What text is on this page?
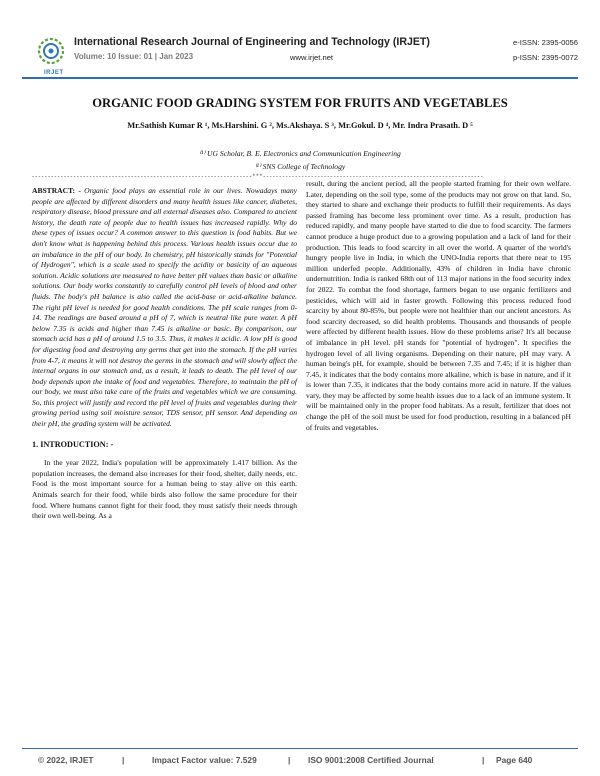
IRJET
International Research Journal of Engineering and Technology (IRJET)
Volume: 10 Issue: 01 | Jan 2023	www.irjet.net
e-ISSN: 2395-0056
p-ISSN: 2395-0072
ORGANIC FOOD GRADING SYSTEM FOR FRUITS AND VEGETABLES
Mr.Sathish Kumar R ¹, Ms.Harshini. G ², Ms.Akshaya. S ³, Mr.Gokul. D ⁴, Mr. Indra Prasath. D ⁵
⁽¹⁾ UG Scholar, B. E. Electronics and Communication Engineering
⁽¹⁾ SNS College of Technology
---------------------------------------------------------------------***---------------------------------------------------------------------

ABSTRACT: - Organic food plays an essential role in our lives. Nowadays many people are affected by different disorders and many health issues like cancer, diabetes, respiratory disease, blood pressure and all external diseases also. Compared to ancient history, the death rate of people due to health issues has increased rapidly. Why do these types of issues occur? A common answer to this question is food habits. But we don't know what is happening behind this process. Various health issues occur due to an imbalance in the pH of our body. In chemistry, pH historically stands for "Potential of Hydrogen", which is a scale used to specify the acidity or basicity of an aqueous solution. Acidic solutions are measured to have better pH values than basic or alkaline solutions. Our body works constantly to carefully control pH levels of blood and other fluids. The body's pH balance is also called the acid-base or acid-alkaline balance. The right pH level is needed for good health conditions. The pH scale ranges from 0-14. The readings are based around a pH of 7, which is neutral like pure water. A pH below 7.35 is acids and higher than 7.45 is alkaline or basic. By comparison, our stomach acid has a pH of around 1.5 to 3.5. Thus, it makes it acidic. A low pH is good for digesting food and destroying any germs that get into the stomach. If the pH varies from 4-7, it means it will not destroy the germs in the stomach and will slowly affect the internal organs in our stomach and, as a result, it leads to death. The pH level of our body depends upon the intake of food and vegetables. Therefore, to maintain the pH of our body, we must also take care of the fruits and vegetables which we are consuming. So, this project will justify and record the pH level of fruits and vegetables during their growing period using soil moisture sensor, TDS sensor, pH sensor. And depending on their pH, the grading system will be activated.

1. INTRODUCTION: -

In the year 2022, India's population will be approximately 1.417 billion. As the population increases, the demand also increases for their food, shelter, daily needs, etc. Food is the most important source for a human being to stay alive on this earth. Animals search for their food, while birds also follow the same procedure for their food. Where humans cannot fight for their food, they must satisfy their needs through their own well-being. As a

result, during the ancient period, all the people started framing for their own welfare. Later, depending on the soil type, some of the products may not grow on that land. So, they started to share and exchange their products to fulfill their requirements. As days passed framing has become less prominent over time. As a result, production has reduced rapidly, and many people have started to die due to food scarcity. The farmers cannot produce a huge product due to a growing population and a lack of land for their production. This leads to food scarcity in all over the world. A quarter of the world's hungry people live in India, in which the UNO-India reports that there near to 195 million underfed people. Additionally, 43% of children in India have chronic undernutrition. India is ranked 68th out of 113 major nations in the food security index for 2022. To combat the food shortage, farmers began to use organic fertilizers and pesticides, which will aid in faster growth. Following this process reduced food scarcity by about 80-85%, but people were not healthier than our ancient ancestors. As food scarcity decreased, so did health problems. Thousands and thousands of people were affected by different health issues. How do these problems arise? It's all because of imbalance in pH level. pH stands for "potential of hydrogen". It specifies the hydrogen level of all living organisms. Depending on their nature, pH may vary. A human being's pH, for example, should be between 7.35 and 7.45; if it is higher than 7.45, it indicates that the body contains more alkaline, which is base in nature, and if it is lower than 7.35, it indicates that the body contains more acid in nature. If the values vary, they may be affected by some health issues due to a lack of an immune system. It will be maintained only in the proper food habitats. As a result, fertilizer that does not change the pH of the soil must be used for food production, resulting in a balanced pH of fruits and vegetables.

© 2022, IRJET	|	Impact Factor value: 7.529	| ISO 9001:2008 Certified Journal	| Page 640
